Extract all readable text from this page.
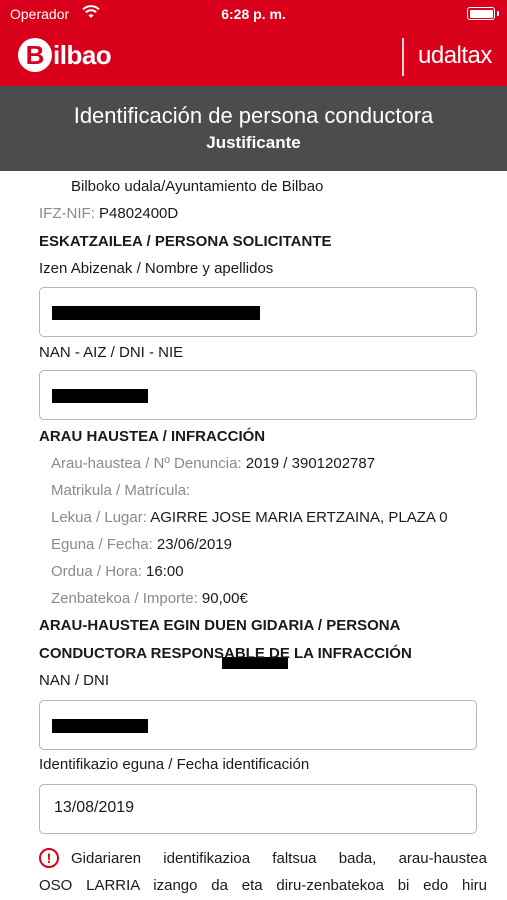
Operador	6:28 p. m.
B ilbao	udaltax
Identificación de persona conductora
Justificante
Bilboko udala/Ayuntamiento de Bilbao
IFZ-NIF: P4802400D
ESKATZAILEA / PERSONA SOLICITANTE
Izen Abizenak / Nombre y apellidos
NAN - AIZ / DNI - NIE
ARAU HAUSTEA / INFRACCIÓN
Arau-haustea / Nº Denuncia: 2019 / 3901202787
Matrikula / Matrícula:
Lekua / Lugar: AGIRRE JOSE MARIA ERTZAINA, PLAZA 0
Eguna / Fecha: 23/06/2019
Ordua / Hora: 16:00
Zenbatekoa / Importe: 90,00€
ARAU-HAUSTEA EGIN DUEN GIDARIA / PERSONA
CONDUCTORA RESPONSABLE DE LA INFRACCIÓN
NAN / DNI
Identifikazio eguna / Fecha identificación
13/08/2019
!	Gidariaren identifikazioa faltsua bada, arau-haustea
OSO LARRIA izango da eta diru-zenbatekoa bi edo hiru
